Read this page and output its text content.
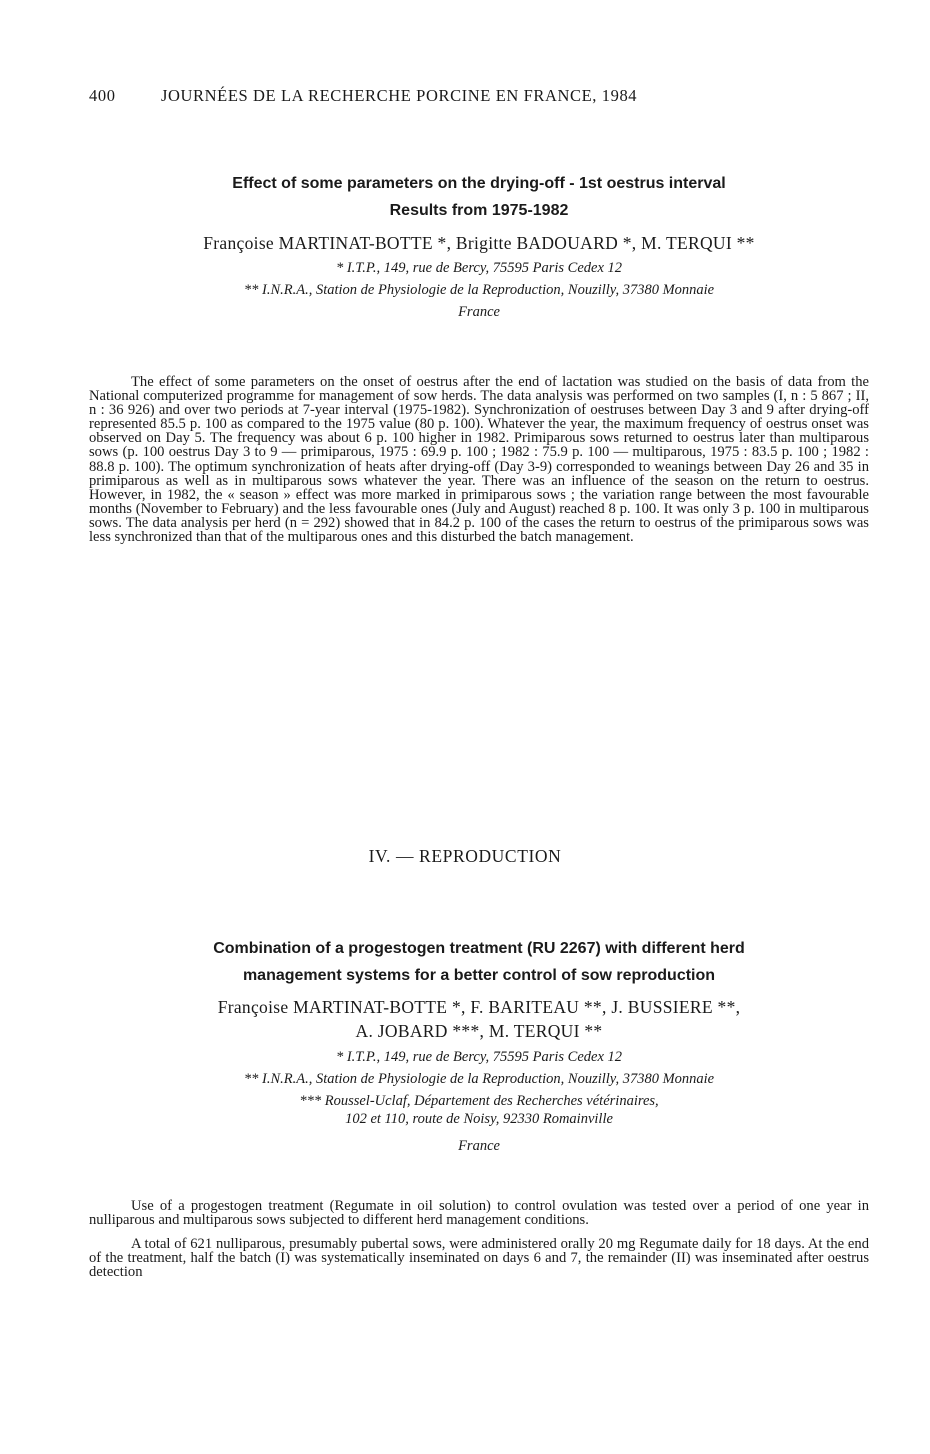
400	JOURNÉES DE LA RECHERCHE PORCINE EN FRANCE, 1984
Effect of some parameters on the drying-off - 1st oestrus interval
Results from 1975-1982
Françoise MARTINAT-BOTTE *, Brigitte BADOUARD *, M. TERQUI **
* I.T.P., 149, rue de Bercy, 75595 Paris Cedex 12
** I.N.R.A., Station de Physiologie de la Reproduction, Nouzilly, 37380 Monnaie
France

The effect of some parameters on the onset of oestrus after the end of lactation was studied on the basis of data from the National computerized programme for management of sow herds. The data analysis was performed on two samples (I, n : 5 867 ; II, n : 36 926) and over two periods at 7-year interval (1975-1982). Synchronization of oestruses between Day 3 and 9 after drying-off represented 85.5 p. 100 as compared to the 1975 value (80 p. 100). Whatever the year, the maximum frequency of oestrus onset was observed on Day 5. The frequency was about 6 p. 100 higher in 1982. Primiparous sows returned to oestrus later than multiparous sows (p. 100 oestrus Day 3 to 9 — primiparous, 1975 : 69.9 p. 100 ; 1982 : 75.9 p. 100 — multiparous, 1975 : 83.5 p. 100 ; 1982 : 88.8 p. 100). The optimum synchronization of heats after drying-off (Day 3-9) corresponded to weanings between Day 26 and 35 in primiparous as well as in multiparous sows whatever the year. There was an influence of the season on the return to oestrus. However, in 1982, the « season » effect was more marked in primiparous sows ; the variation range between the most favourable months (November to February) and the less favourable ones (July and August) reached 8 p. 100. It was only 3 p. 100 in multiparous sows. The data analysis per herd (n = 292) showed that in 84.2 p. 100 of the cases the return to oestrus of the primiparous sows was less synchronized than that of the multiparous ones and this disturbed the batch management.

IV. — REPRODUCTION
Combination of a progestogen treatment (RU 2267) with different herd
management systems for a better control of sow reproduction
Françoise MARTINAT-BOTTE *, F. BARITEAU **, J. BUSSIERE **,
A. JOBARD ***, M. TERQUI **
* I.T.P., 149, rue de Bercy, 75595 Paris Cedex 12
** I.N.R.A., Station de Physiologie de la Reproduction, Nouzilly, 37380 Monnaie
*** Roussel-Uclaf, Département des Recherches vétérinaires,
102 et 110, route de Noisy, 92330 Romainville
France

Use of a progestogen treatment (Regumate in oil solution) to control ovulation was tested over a period of one year in nulliparous and multiparous sows subjected to different herd management conditions.

A total of 621 nulliparous, presumably pubertal sows, were administered orally 20 mg Regumate daily for 18 days. At the end of the treatment, half the batch (I) was systematically inseminated on days 6 and 7, the remainder (II) was inseminated after oestrus detection
